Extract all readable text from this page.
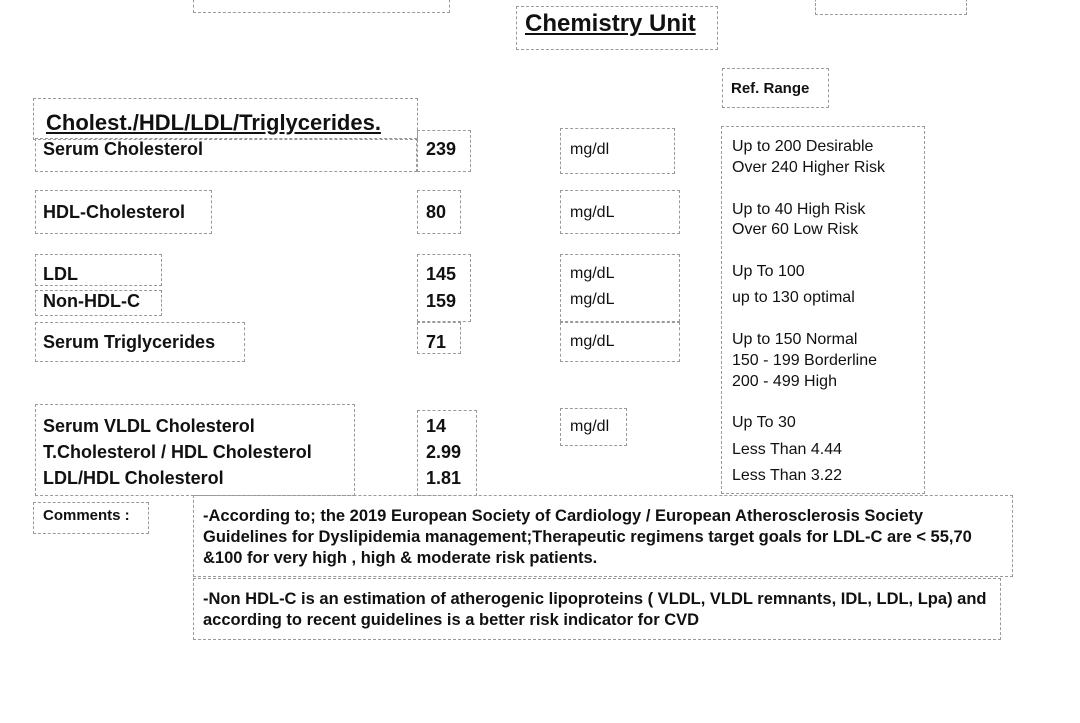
Chemistry Unit
Ref. Range
Cholest./HDL/LDL/Triglycerides.
Serum Cholesterol
HDL-Cholesterol
LDL
Non-HDL-C
Serum Triglycerides
Serum VLDL Cholesterol
T.Cholesterol / HDL Cholesterol
LDL/HDL Cholesterol
239
80
145
159
71
14
2.99
1.81
mg/dl
mg/dL
mg/dL
mg/dL
mg/dL
mg/dl
Up to 200 Desirable
Over 240 Higher Risk
Up to 40 High Risk
Over 60 Low Risk
Up To 100
up to 130 optimal
Up to 150 Normal
150 - 199 Borderline
200 - 499 High
Up To 30
Less Than 4.44
Less Than 3.22
Comments :	-According to; the 2019 European Society of Cardiology / European Atherosclerosis Society Guidelines for Dyslipidemia management;Therapeutic regimens target goals for LDL-C are < 55,70 &100 for very high , high & moderate risk patients.
-Non HDL-C is an estimation of atherogenic lipoproteins ( VLDL, VLDL remnants, IDL, LDL, Lpa) and according to recent guidelines is a better risk indicator for CVD
